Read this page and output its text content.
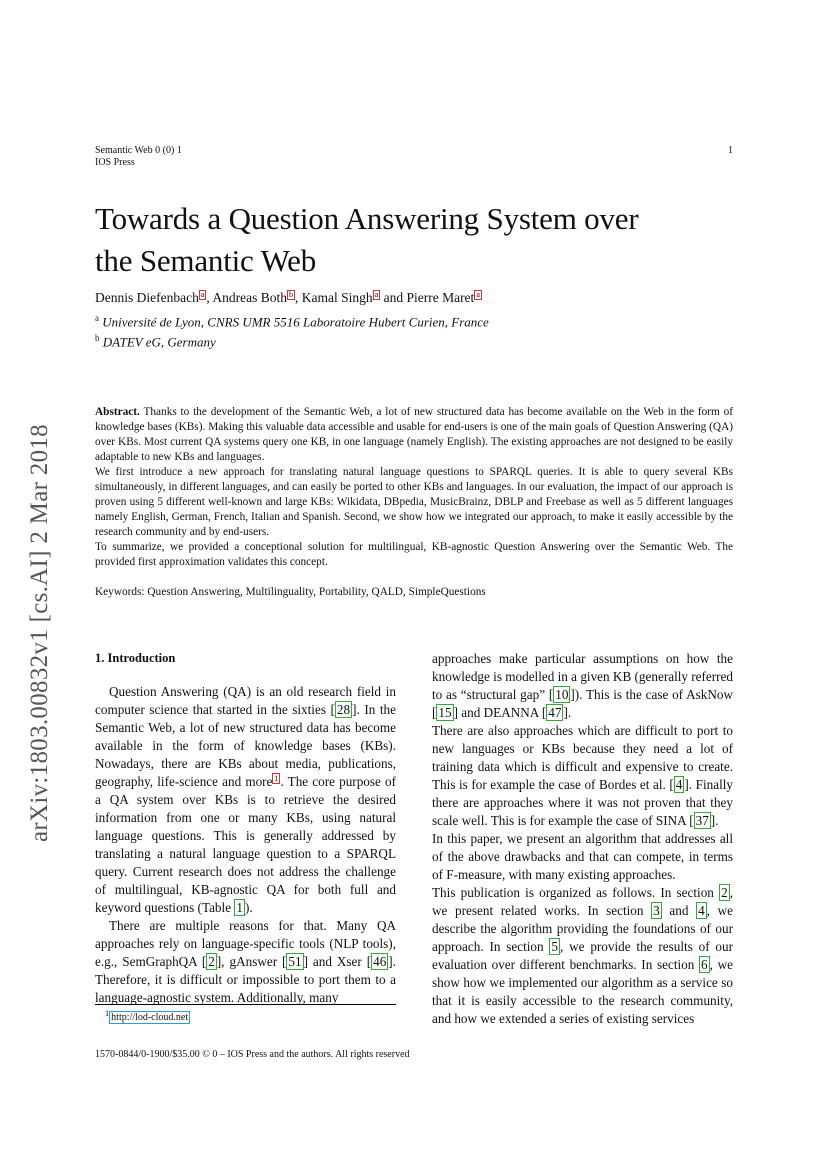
Semantic Web 0 (0) 1
IOS Press
1
Towards a Question Answering System over
the Semantic Web
Dennis Diefenbach a , Andreas Both b , Kamal Singh a and Pierre Maret a
$^a$ Université de Lyon, CNRS UMR 5516 Laboratoire Hubert Curien, France
$^b$ DATEV eG, Germany
arXiv:1803.00832v1 [cs.AI] 2 Mar 2018

Abstract. Thanks to the development of the Semantic Web, a lot of new structured data has become available on the Web in the form of knowledge bases (KBs). Making this valuable data accessible and usable for end-users is one of the main goals of Question Answering (QA) over KBs. Most current QA systems query one KB, in one language (namely English). The existing approaches are not designed to be easily adaptable to new KBs and languages.

We first introduce a new approach for translating natural language questions to SPARQL queries. It is able to query several KBs simultaneously, in different languages, and can easily be ported to other KBs and languages. In our evaluation, the impact of our approach is proven using 5 different well-known and large KBs: Wikidata, DBpedia, MusicBrainz, DBLP and Freebase as well as 5 different languages namely English, German, French, Italian and Spanish. Second, we show how we integrated our approach, to make it easily accessible by the research community and by end-users.

To summarize, we provided a conceptional solution for multilingual, KB-agnostic Question Answering over the Semantic Web. The provided first approximation validates this concept.

Keywords: Question Answering, Multilinguality, Portability, QALD, SimpleQuestions
1. Introduction

Question Answering (QA) is an old research field in computer science that started in the sixties [ 28 ]. In the Semantic Web, a lot of new structured data has become available in the form of knowledge bases (KBs). Nowadays, there are KBs about media, publications, geography, life-science and more $^1$ . The core purpose of a QA system over KBs is to retrieve the desired information from one or many KBs, using natural language questions. This is generally addressed by translating a natural language question to a SPARQL query. Current research does not address the challenge of multilingual, KB-agnostic QA for both full and keyword questions (Table 1 ).

There are multiple reasons for that. Many QA approaches rely on language-specific tools (NLP tools), e.g., SemGraphQA [ 2 ], gAnswer [ 51 ] and Xser [ 46 ]. Therefore, it is difficult or impossible to port them to a language-agnostic system. Additionally, many

$^1$ http://lod-cloud.net

approaches make particular assumptions on how the knowledge is modelled in a given KB (generally referred to as “structural gap” [ 10 ]). This is the case of AskNow [ 15 ] and DEANNA [ 47 ].

There are also approaches which are difficult to port to new languages or KBs because they need a lot of training data which is difficult and expensive to create. This is for example the case of Bordes et al. [ 4 ]. Finally there are approaches where it was not proven that they scale well. This is for example the case of SINA [ 37 ].

In this paper, we present an algorithm that addresses all of the above drawbacks and that can compete, in terms of F-measure, with many existing approaches.

This publication is organized as follows. In section 2 , we present related works. In section 3 and 4 , we describe the algorithm providing the foundations of our approach. In section 5 , we provide the results of our evaluation over different benchmarks. In section 6 , we show how we implemented our algorithm as a service so that it is easily accessible to the research community, and how we extended a series of existing services

1570-0844/0-1900/$35.00 © 0 – IOS Press and the authors. All rights reserved
